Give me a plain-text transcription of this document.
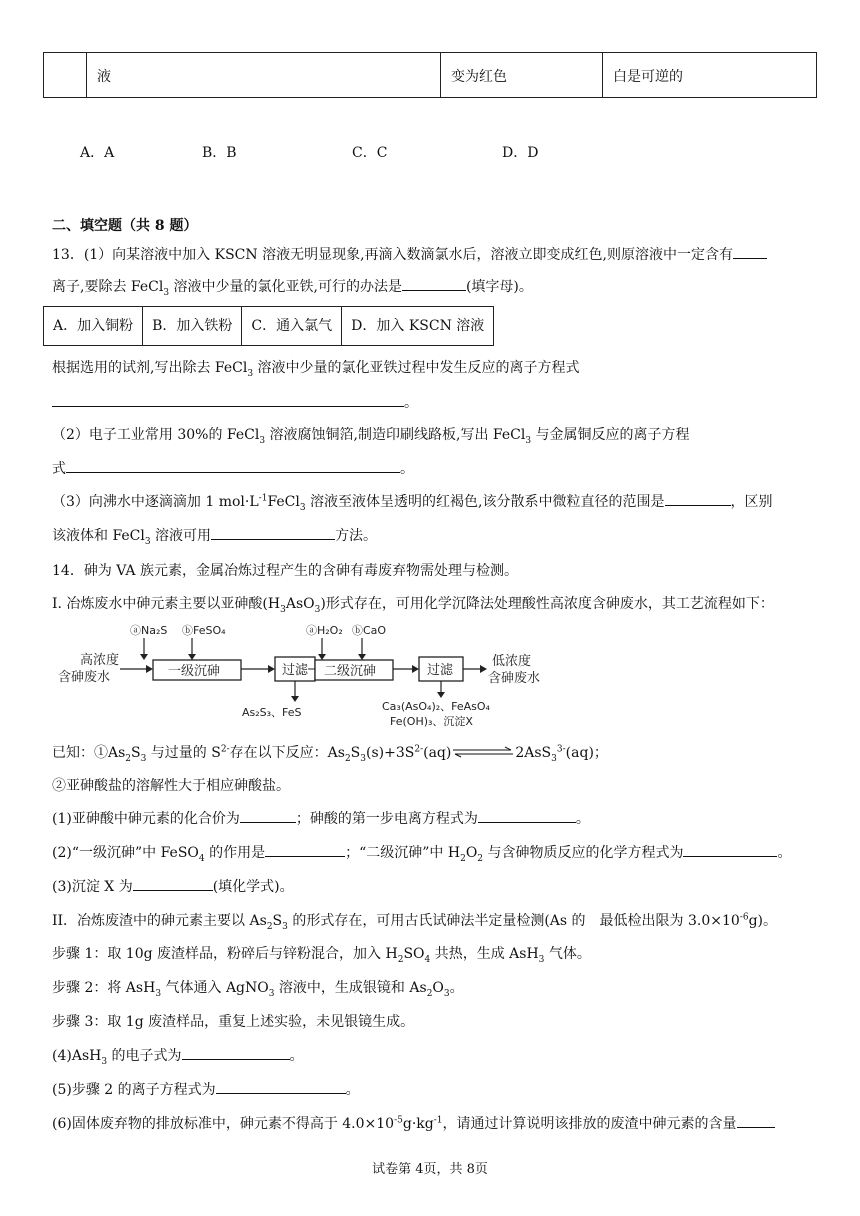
液	变为红色	白是可逆的
A．A	B．B	C．C	D．D
二、填空题（共 8 题）
13．(1）向某溶液中加入 KSCN 溶液无明显现象,再滴入数滴氯水后，溶液立即变成红色,则原溶液中一定含有
离子,要除去 FeCl$_3$ 溶液中少量的氯化亚铁,可行的办法是	(填字母)。
A．加入铜粉	B．加入铁粉	C．通入氯气	D．加入 KSCN 溶液
根据选用的试剂,写出除去 FeCl$_3$ 溶液中少量的氯化亚铁过程中发生反应的离子方程式
。
（2）电子工业常用 30%的 FeCl$_3$ 溶液腐蚀铜箔,制造印刷线路板,写出 FeCl$_3$ 与金属铜反应的离子方程
式	。
（3）向沸水中逐滴滴加 1 $mol\cdot L^{-1}FeCl_3$ 溶液至液体呈透明的红褐色,该分散系中微粒直径的范围是	，区别
该液体和 FeCl$_3$ 溶液可用	方法。
14．砷为 VA 族元素，金属冶炼过程产生的含砷有毒废弃物需处理与检测。
I. 冶炼废水中砷元素主要以亚砷酸$(H_3AsO_3)$形式存在，可用化学沉降法处理酸性高浓度含砷废水，其工艺流程如下：
高浓度
含砷废水
ⓐNa₂S ⓑFeSO₄
一级沉砷	过滤
As₂S₃、FeS
ⓐH₂O₂ ⓑCaO
二级沉砷	过滤
Ca₃(AsO₄)₂、FeAsO₄
Fe(OH)₃、沉淀X
低浓度
含砷废水
已知：$①As_2S_3$ 与过量的 $S^{2-}$存在以下反应：$As_2S_3(s)+3S^{2-}(aq)$	2AsS$_3^{3-}$(aq)；
②亚砷酸盐的溶解性大于相应砷酸盐。
(1)亚砷酸中砷元素的化合价为	；砷酸的第一步电离方程式为	。
(2)“一级沉砷”中 FeSO$_4$ 的作用是	；“二级沉砷”中 $H_2O_2$ 与含砷物质反应的化学方程式为	。
(3)沉淀 X 为	(填化学式)。
II．冶炼废渣中的砷元素主要以 $As_2S_3$ 的形式存在，可用古氏试砷法半定量检测(As 的　最低检出限为 $3.0\times 10^{-6}g$)。
步骤 1：取 10g 废渣样品，粉碎后与锌粉混合，加入 $H_2SO_4$ 共热，生成 AsH$_3$ 气体。
步骤 2：将 AsH$_3$ 气体通入 AgNO$_3$ 溶液中，生成银镜和 $As_2O_3$。
步骤 3：取 1g 废渣样品，重复上述实验，未见银镜生成。
(4)AsH$_3$ 的电子式为	。
(5)步骤 2 的离子方程式为	。
(6)固体废弃物的排放标准中，砷元素不得高于 $4.0\times 10^{-5}g\cdot kg^{-1}$，请通过计算说明该排放的废渣中砷元素的含量
试卷第 4页，共 8页
